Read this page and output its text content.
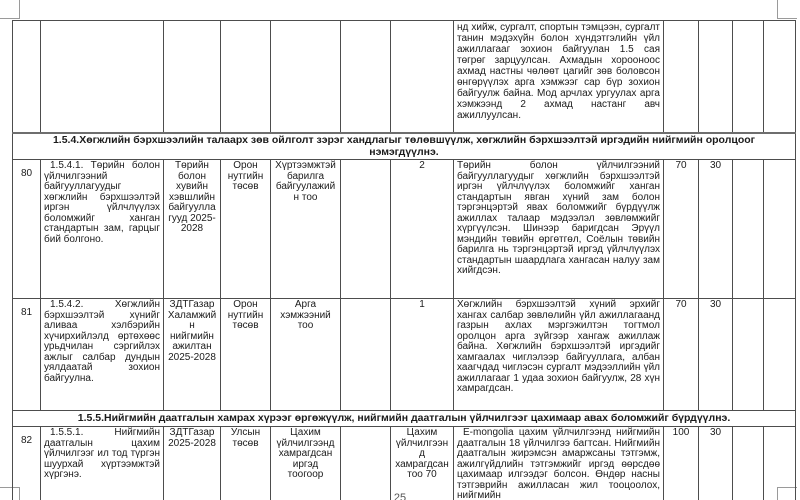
							нд хийж, сургалт, спортын тэмцээн, сургалт танин мэдэхүйн болон хүндэтгэлийн үйл ажиллагааг зохион байгуулан 1.5 сая төгрөг зарцуулсан. Ахмадын хорооноос ахмад настны чөлөөт цагийг зөв боловсон өнгөрүүлэх арга хэмжээг сар бүр зохион байгуулж байна. Мод арчлах ургуулах арга хэмжээнд 2 ахмад настанг авч ажиллуулсан.				
1.5.4.Хөгжлийн бэрхшээлийн талаарх зөв ойлголт зэрэг хандлагыг төлөвшүүлж, хөгжлийн бэрхшээлтэй иргэдийн нийгмийн оролцоог нэмэгдүүлнэ.											
80	1.5.4.1. Төрийн болон үйлчилгээний байгууллагуудыг хөгжлийн бэрхшээлтэй иргэн үйлчлүүлэх боломжийг ханган стандартын зам, гарцыг бий болгоно.	Төрийн болон хувийн хэвшлийн байгууллагууд 2025-2028	Орон нутгийн төсөв	Хүртээмжтэй барилга байгуулажийн тоо		2	Төрийн болон үйлчилгээний байгууллагуудыг хөгжлийн бэрхшээлтэй иргэн үйлчлүүлэх боломжийг ханган стандартын явган хүний зам болон тэргэнцэртэй явах боломжийг бүрдүүлж ажиллах талаар мэдээлэл зөвлөмжийг хүргүүлсэн. Шинээр баригдсан Эрүүл мэндийн төвийн өргөтгөл, Соёлын төвийн барилга нь тэргэнцэртэй иргэд үйлчлүүлэх стандартын шаардлага хангасан налуу зам хийгдсэн.	70	30		
81	1.5.4.2. Хөгжлийн бэрхшээлтэй хүнийг аливаа хэлбэрийн хүчирхийлэлд өртөхөөс урьдчилан сэргийлэх ажлыг салбар дундын уялдаатай зохион байгуулна.	ЗДТГазар Халамжийн нийгмийн ажилтан 2025-2028	Орон нутгийн төсөв	Арга хэмжээний тоо		1	Хөгжлийн бэрхшээлтэй хүний эрхийг хангах салбар зөвлөлийн үйл ажиллагаанд газрын ахлах мэргэжилтэн тогтмол оролцон арга зүйгээр хангаж ажиллаж байна. Хөгжлийн бэрхшээлтэй иргэдийг хамгаалах чиглэлээр байгууллага, албан хаагчдад чиглэсэн сургалт мэдээллийн үйл ажиллагааг 1 удаа зохион байгуулж, 28 хүн хамрагдсан.	70	30		
1.5.5.Нийгмийн даатгалын хамрах хүрээг өргөжүүлж, нийгмийн даатгалын үйлчилгээг цахимаар авах боломжийг бүрдүүлнэ.											
82	1.5.5.1. Нийгмийн даатгалын цахим үйлчилгээг ил тод түргэн шуурхай хүртээмжтэй хүргэнэ.	ЗДТГазар 2025-2028	Улсын төсөв	Цахим үйлчилгээнд хамрагдсан иргэд тоогоор		Цахим үйлчилгээнд хамрагдсан тоо 70	E-mongolia цахим үйлчилгээнд нийгмийн даатгалын 18 үйлчилгээ багтсан. Нийгмийн даатгалын жирэмсэн амаржсаны тэтгэмж, ажилгүйдлийн тэтгэмжийг иргэд өөрсдөө цахимаар илгээдэг болсон. Өндөр насны тэтгэврийн ажилласан жил тооцоолох, нийгмийн	100	30		
25
